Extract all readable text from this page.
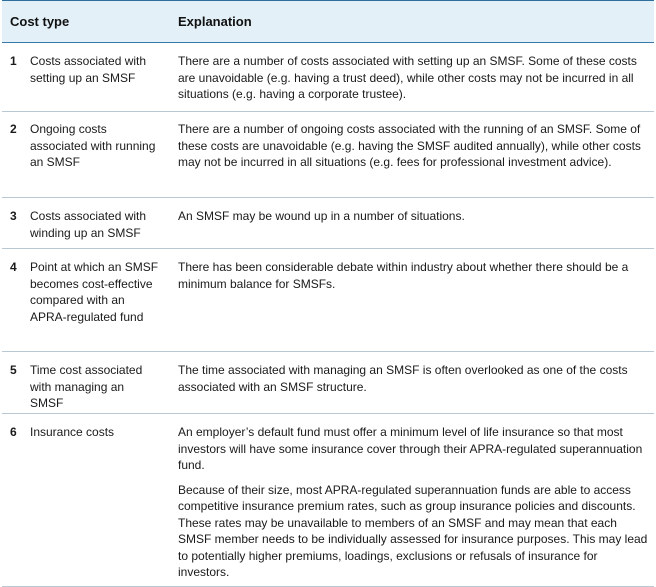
Cost type	Explanation
1 Costs associated with setting up an SMSF

There are a number of costs associated with setting up an SMSF. Some of these costs are unavoidable (e.g. having a trust deed), while other costs may not be incurred in all situations (e.g. having a corporate trustee).

2 Ongoing costs associated with running an SMSF

There are a number of ongoing costs associated with the running of an SMSF. Some of these costs are unavoidable (e.g. having the SMSF audited annually), while other costs may not be incurred in all situations (e.g. fees for professional investment advice).

3 Costs associated with winding up an SMSF

An SMSF may be wound up in a number of situations.

4 Point at which an SMSF becomes cost-effective compared with an APRA-regulated fund

There has been considerable debate within industry about whether there should be a minimum balance for SMSFs.

5 Time cost associated with managing an SMSF

The time associated with managing an SMSF is often overlooked as one of the costs associated with an SMSF structure.

6 Insurance costs	An employer’s default fund must offer a minimum level of life insurance so that most investors will have some insurance cover through their APRA-regulated superannuation fund.

Because of their size, most APRA-regulated superannuation funds are able to access competitive insurance premium rates, such as group insurance policies and discounts. These rates may be unavailable to members of an SMSF and may mean that each SMSF member needs to be individually assessed for insurance purposes. This may lead to potentially higher premiums, loadings, exclusions or refusals of insurance for investors.
